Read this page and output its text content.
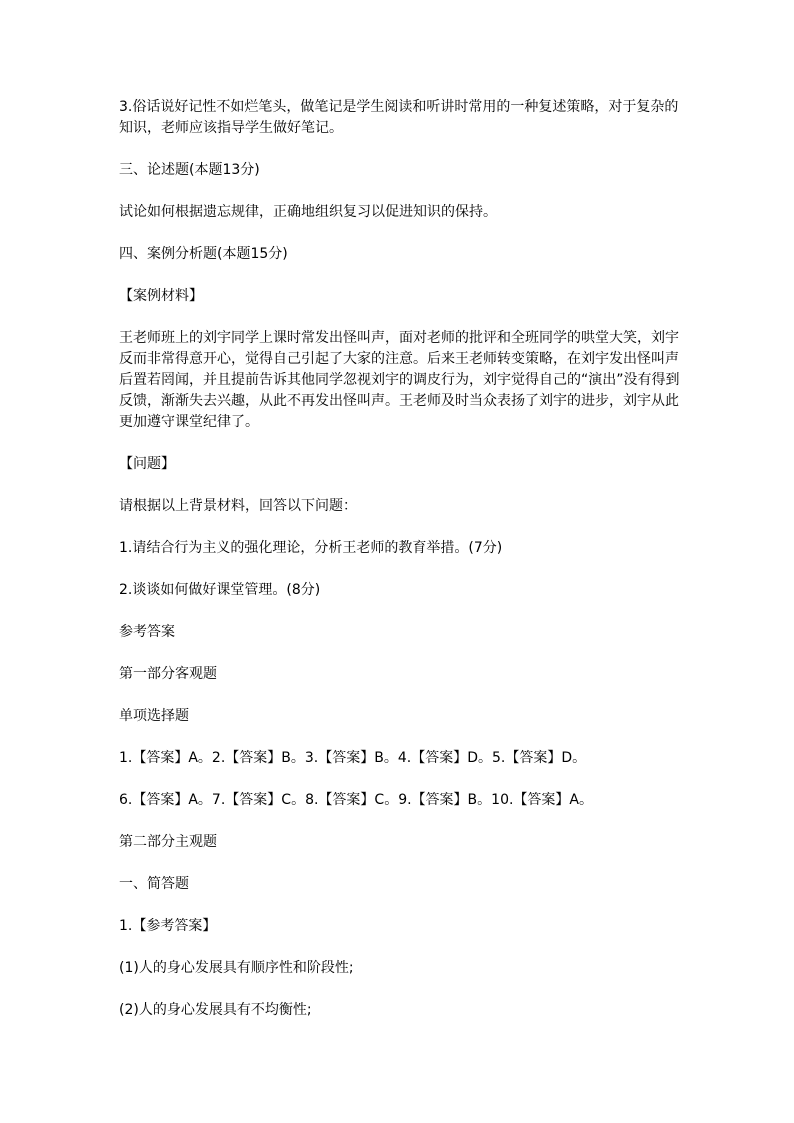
3.俗话说好记性不如烂笔头，做笔记是学生阅读和听讲时常用的一种复述策略，对于复杂的知识，老师应该指导学生做好笔记。

三、论述题(本题13分)

试论如何根据遗忘规律，正确地组织复习以促进知识的保持。

四、案例分析题(本题15分)

【案例材料】

王老师班上的刘宇同学上课时常发出怪叫声，面对老师的批评和全班同学的哄堂大笑，刘宇反而非常得意开心，觉得自己引起了大家的注意。后来王老师转变策略，在刘宇发出怪叫声后置若罔闻，并且提前告诉其他同学忽视刘宇的调皮行为，刘宇觉得自己的“演出”没有得到反馈，渐渐失去兴趣，从此不再发出怪叫声。王老师及时当众表扬了刘宇的进步，刘宇从此更加遵守课堂纪律了。

【问题】

请根据以上背景材料，回答以下问题：

1.请结合行为主义的强化理论，分析王老师的教育举措。(7分)

2.谈谈如何做好课堂管理。(8分)

参考答案

第一部分客观题

单项选择题

1.【答案】A。2.【答案】B。3.【答案】B。4.【答案】D。5.【答案】D。

6.【答案】A。7.【答案】C。8.【答案】C。9.【答案】B。10.【答案】A。

第二部分主观题

一、简答题

1.【参考答案】

(1)人的身心发展具有顺序性和阶段性;

(2)人的身心发展具有不均衡性;
